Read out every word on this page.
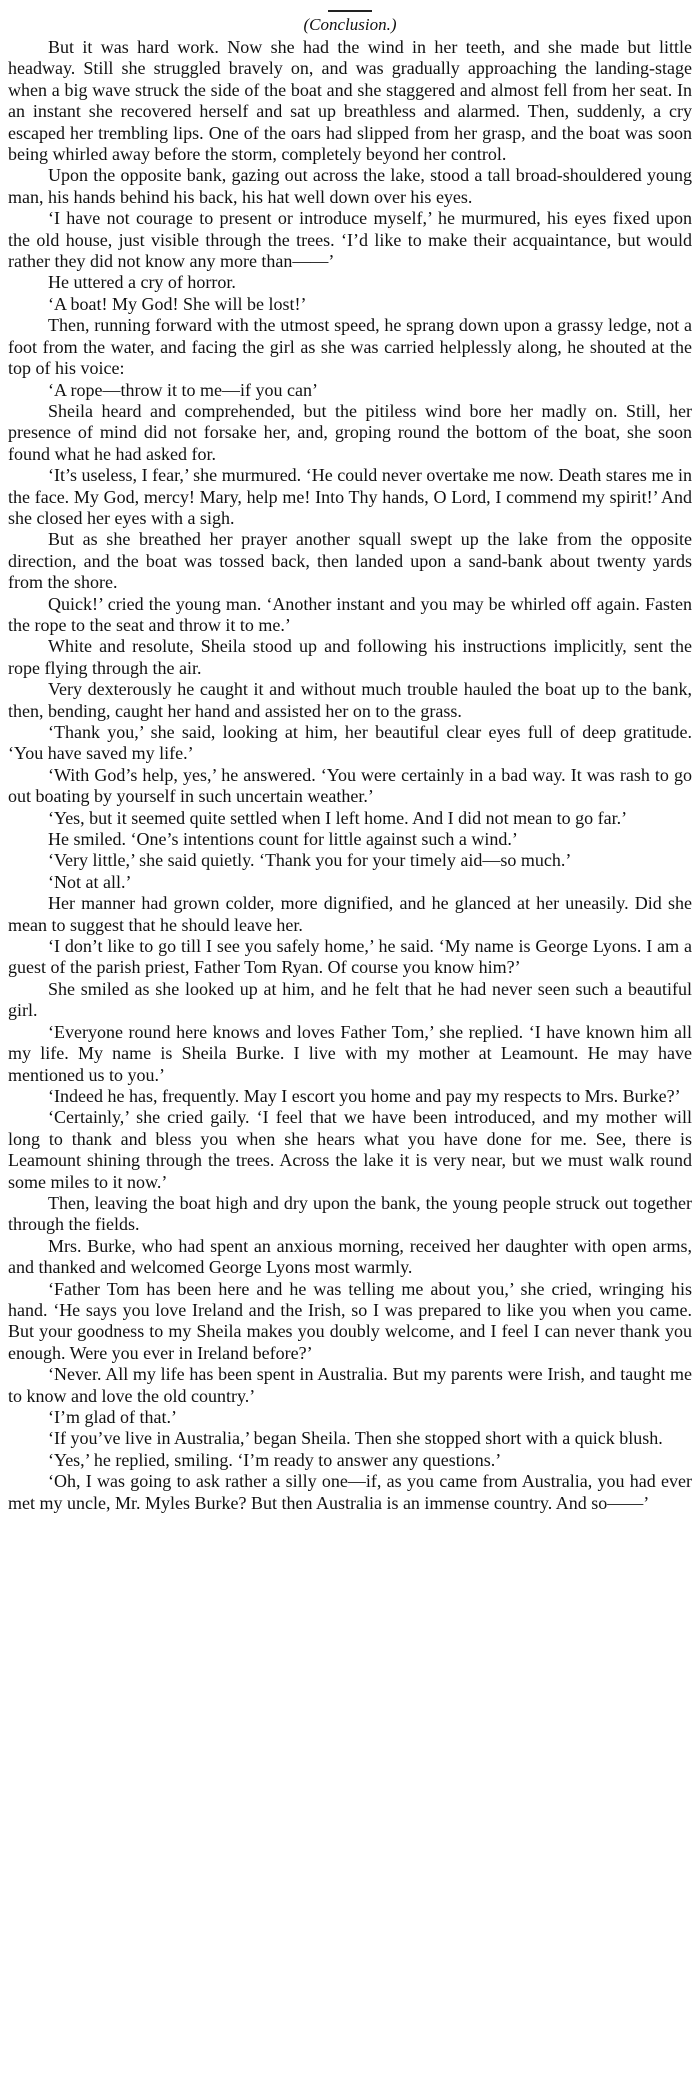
(Conclusion.)

But it was hard work. Now she had the wind in her teeth, and she made but little headway. Still she struggled bravely on, and was gradually approaching the landing-stage when a big wave struck the side of the boat and she staggered and almost fell from her seat. In an instant she recovered herself and sat up breathless and alarmed. Then, suddenly, a cry escaped her trembling lips. One of the oars had slipped from her grasp, and the boat was soon being whirled away before the storm, completely beyond her control.

Upon the opposite bank, gazing out across the lake, stood a tall broad-shouldered young man, his hands behind his back, his hat well down over his eyes.

‘I have not courage to present or introduce myself,’ he murmured, his eyes fixed upon the old house, just visible through the trees. ‘I’d like to make their acquaintance, but would rather they did not know any more than——’

He uttered a cry of horror.

‘A boat! My God! She will be lost!’

Then, running forward with the utmost speed, he sprang down upon a grassy ledge, not a foot from the water, and facing the girl as she was carried helplessly along, he shouted at the top of his voice:

‘A rope—throw it to me—if you can’

Sheila heard and comprehended, but the pitiless wind bore her madly on. Still, her presence of mind did not forsake her, and, groping round the bottom of the boat, she soon found what he had asked for.

‘It’s useless, I fear,’ she murmured. ‘He could never overtake me now. Death stares me in the face. My God, mercy! Mary, help me! Into Thy hands, O Lord, I commend my spirit!’ And she closed her eyes with a sigh.

But as she breathed her prayer another squall swept up the lake from the opposite direction, and the boat was tossed back, then landed upon a sand-bank about twenty yards from the shore.

Quick!’ cried the young man. ‘Another instant and you may be whirled off again. Fasten the rope to the seat and throw it to me.’

White and resolute, Sheila stood up and following his instructions implicitly, sent the rope flying through the air.

Very dexterously he caught it and without much trouble hauled the boat up to the bank, then, bending, caught her hand and assisted her on to the grass.

‘Thank you,’ she said, looking at him, her beautiful clear eyes full of deep gratitude. ‘You have saved my life.’

‘With God’s help, yes,’ he answered. ‘You were certainly in a bad way. It was rash to go out boating by yourself in such uncertain weather.’

‘Yes, but it seemed quite settled when I left home. And I did not mean to go far.’

He smiled. ‘One’s intentions count for little against such a wind.’

‘Very little,’ she said quietly. ‘Thank you for your timely aid—so much.’

‘Not at all.’

Her manner had grown colder, more dignified, and he glanced at her uneasily. Did she mean to suggest that he should leave her.

‘I don’t like to go till I see you safely home,’ he said. ‘My name is George Lyons. I am a guest of the parish priest, Father Tom Ryan. Of course you know him?’

She smiled as she looked up at him, and he felt that he had never seen such a beautiful girl.

‘Everyone round here knows and loves Father Tom,’ she replied. ‘I have known him all my life. My name is Sheila Burke. I live with my mother at Leamount. He may have mentioned us to you.’

‘Indeed he has, frequently. May I escort you home and pay my respects to Mrs. Burke?’

‘Certainly,’ she cried gaily. ‘I feel that we have been introduced, and my mother will long to thank and bless you when she hears what you have done for me. See, there is Leamount shining through the trees. Across the lake it is very near, but we must walk round some miles to it now.’

Then, leaving the boat high and dry upon the bank, the young people struck out together through the fields.

Mrs. Burke, who had spent an anxious morning, received her daughter with open arms, and thanked and welcomed George Lyons most warmly.

‘Father Tom has been here and he was telling me about you,’ she cried, wringing his hand. ‘He says you love Ireland and the Irish, so I was prepared to like you when you came. But your goodness to my Sheila makes you doubly welcome, and I feel I can never thank you enough. Were you ever in Ireland before?’

‘Never. All my life has been spent in Australia. But my parents were Irish, and taught me to know and love the old country.’

‘I’m glad of that.’

‘If you’ve live in Australia,’ began Sheila. Then she stopped short with a quick blush.

‘Yes,’ he replied, smiling. ‘I’m ready to answer any questions.’

‘Oh, I was going to ask rather a silly one—if, as you came from Australia, you had ever met my uncle, Mr. Myles Burke? But then Australia is an immense country. And so——’
